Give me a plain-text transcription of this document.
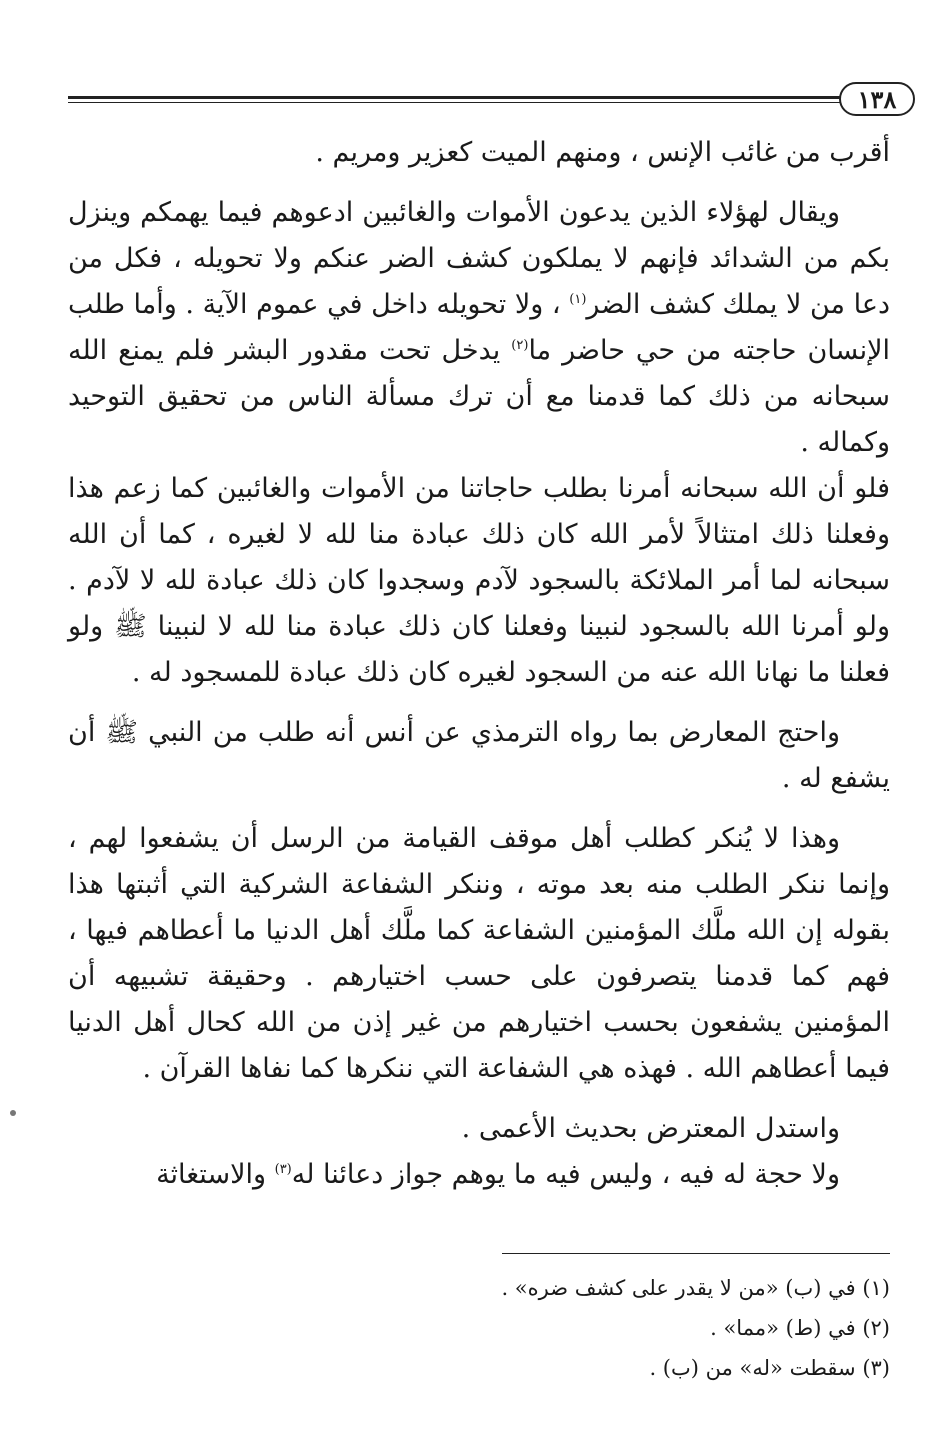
١٣٨

أقرب من غائب الإنس ، ومنهم الميت كعزير ومريم .

ويقال لهؤلاء الذين يدعون الأموات والغائبين ادعوهم فيما يهمكم وينزل بكم من الشدائد فإنهم لا يملكون كشف الضر عنكم ولا تحويله ، فكل من دعا من لا يملك كشف الضر$^{(١)}$ ، ولا تحويله داخل في عموم الآية . وأما طلب الإنسان حاجته من حي حاضر ما$^{(٢)}$ يدخل تحت مقدور البشر فلم يمنع الله سبحانه من ذلك كما قدمنا مع أن ترك مسألة الناس من تحقيق التوحيد وكماله .

فلو أن الله سبحانه أمرنا بطلب حاجاتنا من الأموات والغائبين كما زعم هذا وفعلنا ذلك امتثالاً لأمر الله كان ذلك عبادة منا لله لا لغيره ، كما أن الله سبحانه لما أمر الملائكة بالسجود لآدم وسجدوا كان ذلك عبادة لله لا لآدم . ولو أمرنا الله بالسجود لنبينا وفعلنا كان ذلك عبادة منا لله لا لنبينا ﷺ ولو فعلنا ما نهانا الله عنه من السجود لغيره كان ذلك عبادة للمسجود له .

واحتج المعارض بما رواه الترمذي عن أنس أنه طلب من النبي ﷺ أن يشفع له .

وهذا لا يُنكر كطلب أهل موقف القيامة من الرسل أن يشفعوا لهم ، وإنما ننكر الطلب منه بعد موته ، وننكر الشفاعة الشركية التي أثبتها هذا بقوله إن الله ملَّك المؤمنين الشفاعة كما ملَّك أهل الدنيا ما أعطاهم فيها ، فهم كما قدمنا يتصرفون على حسب اختيارهم . وحقيقة تشبيهه أن المؤمنين يشفعون بحسب اختيارهم من غير إذن من الله كحال أهل الدنيا فيما أعطاهم الله . فهذه هي الشفاعة التي ننكرها كما نفاها القرآن .

واستدل المعترض بحديث الأعمى .

ولا حجة له فيه ، وليس فيه ما يوهم جواز دعائنا له$^{(٣)}$ والاستغاثة

(١) في (ب) «من لا يقدر على كشف ضره» .
(٢) في (ط) «مما» .
(٣) سقطت «له» من (ب) .
